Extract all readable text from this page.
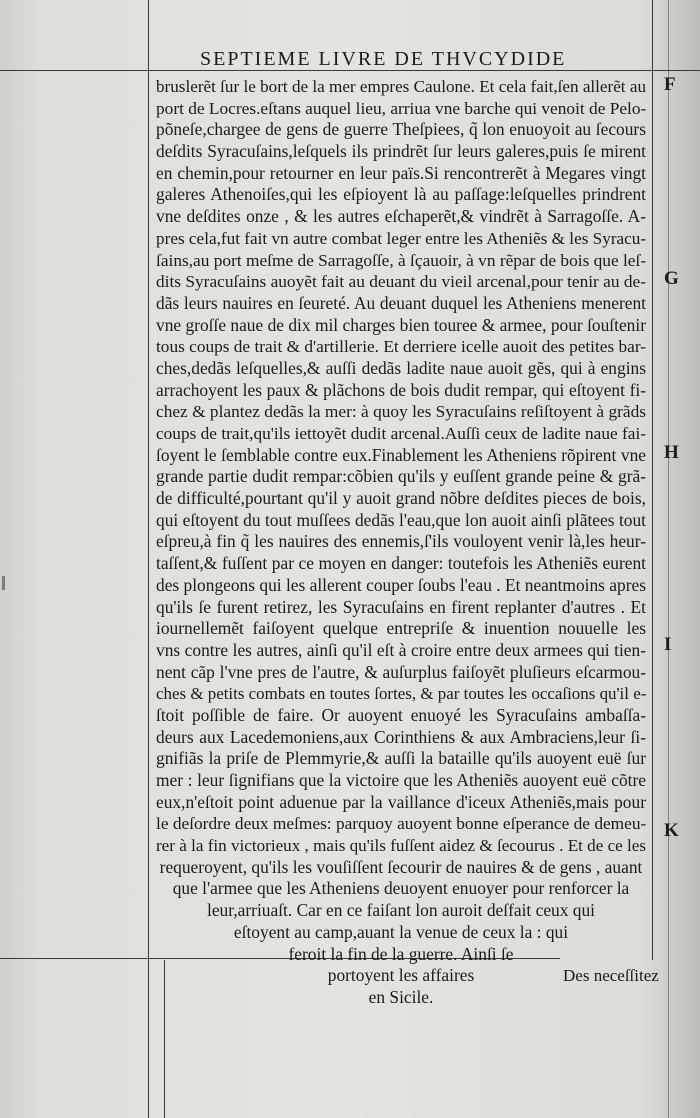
SEPTIEME LIVRE DE THVCYDIDE
bruslerẽt ſur le bort de la mer empres Caulone. Et cela fait,ſen allerẽt au
port de Locres.eſtans auquel lieu, arriua vne barche qui venoit de Pelo-
põneſe,chargee de gens de guerre Theſpiees, q̃ lon enuoyoit au ſecours
deſdits Syracuſains,leſquels ils prindrẽt ſur leurs galeres,puis ſe mirent
en chemin,pour retourner en leur païs.Si rencontrerẽt à Megares vingt
galeres Athenoiſes,qui les eſpioyent là au paſſage:leſquelles prindrent
vne deſdites onze , & les autres eſchaperẽt,& vindrẽt à Sarragoſſe. A-
pres cela,fut fait vn autre combat leger entre les Atheniẽs & les Syracu-
ſains,au port meſme de Sarragoſſe, à ſçauoir, à vn rẽpar de bois que leſ-
dits Syracuſains auoyẽt fait au deuant du vieil arcenal,pour tenir au de-
dãs leurs nauires en ſeureté. Au deuant duquel les Atheniens menerent
vne groſſe naue de dix mil charges bien touree & armee, pour ſouſtenir
tous coups de trait & d'artillerie. Et derriere icelle auoit des petites bar-
ches,dedãs leſquelles,& auſſi dedãs ladite naue auoit gẽs, qui à engins
arrachoyent les paux & plãchons de bois dudit rempar, qui eſtoyent fi-
chez & plantez dedãs la mer: à quoy les Syracuſains reſiſtoyent à grãds
coups de trait,qu'ils iettoyẽt dudit arcenal.Auſſi ceux de ladite naue fai-
ſoyent le ſemblable contre eux.Finablement les Atheniens rõpirent vne
grande partie dudit rempar:cõbien qu'ils y euſſent grande peine & grã-
de difficulté,pourtant qu'il y auoit grand nõbre deſdites pieces de bois,
qui eſtoyent du tout muſſees dedãs l'eau,que lon auoit ainſi plãtees tout
eſpreu,à fin q̃ les nauires des ennemis,ſ'ils vouloyent venir là,les heur-
taſſent,& fuſſent par ce moyen en danger: toutefois les Atheniẽs eurent
des plongeons qui les allerent couper ſoubs l'eau . Et neantmoins apres
qu'ils ſe furent retirez, les Syracuſains en firent replanter d'autres . Et
iournellemẽt faiſoyent quelque entrepriſe & inuention nouuelle les
vns contre les autres, ainſi qu'il eſt à croire entre deux armees qui tien-
nent cãp l'vne pres de l'autre, & auſurplus faiſoyẽt pluſieurs eſcarmou-
ches & petits combats en toutes ſortes, & par toutes les occaſions qu'il e-
ſtoit poſſible de faire. Or auoyent enuoyé les Syracuſains ambaſſa-
deurs aux Lacedemoniens,aux Corinthiens & aux Ambraciens,leur ſi-
gnifiãs la priſe de Plemmyrie,& auſſi la bataille qu'ils auoyent euë ſur
mer : leur ſignifians que la victoire que les Atheniẽs auoyent euë cõtre
eux,n'eſtoit point aduenue par la vaillance d'iceux Atheniẽs,mais pour
le deſordre deux meſmes: parquoy auoyent bonne eſperance de demeu-
rer à la fin victorieux , mais qu'ils fuſſent aidez & ſecourus . Et de ce les
requeroyent, qu'ils les vouſiſſent ſecourir de nauires & de gens , auant
que l'armee que les Atheniens deuoyent enuoyer pour renforcer la
leur,arriuaſt. Car en ce faiſant lon auroit deſfait ceux qui
eſtoyent au camp,auant la venue de ceux la : qui
feroit la fin de la guerre. Ainſi ſe
portoyent les affaires
en Sicile.
F
G
H
I
K
Des neceſſitez
